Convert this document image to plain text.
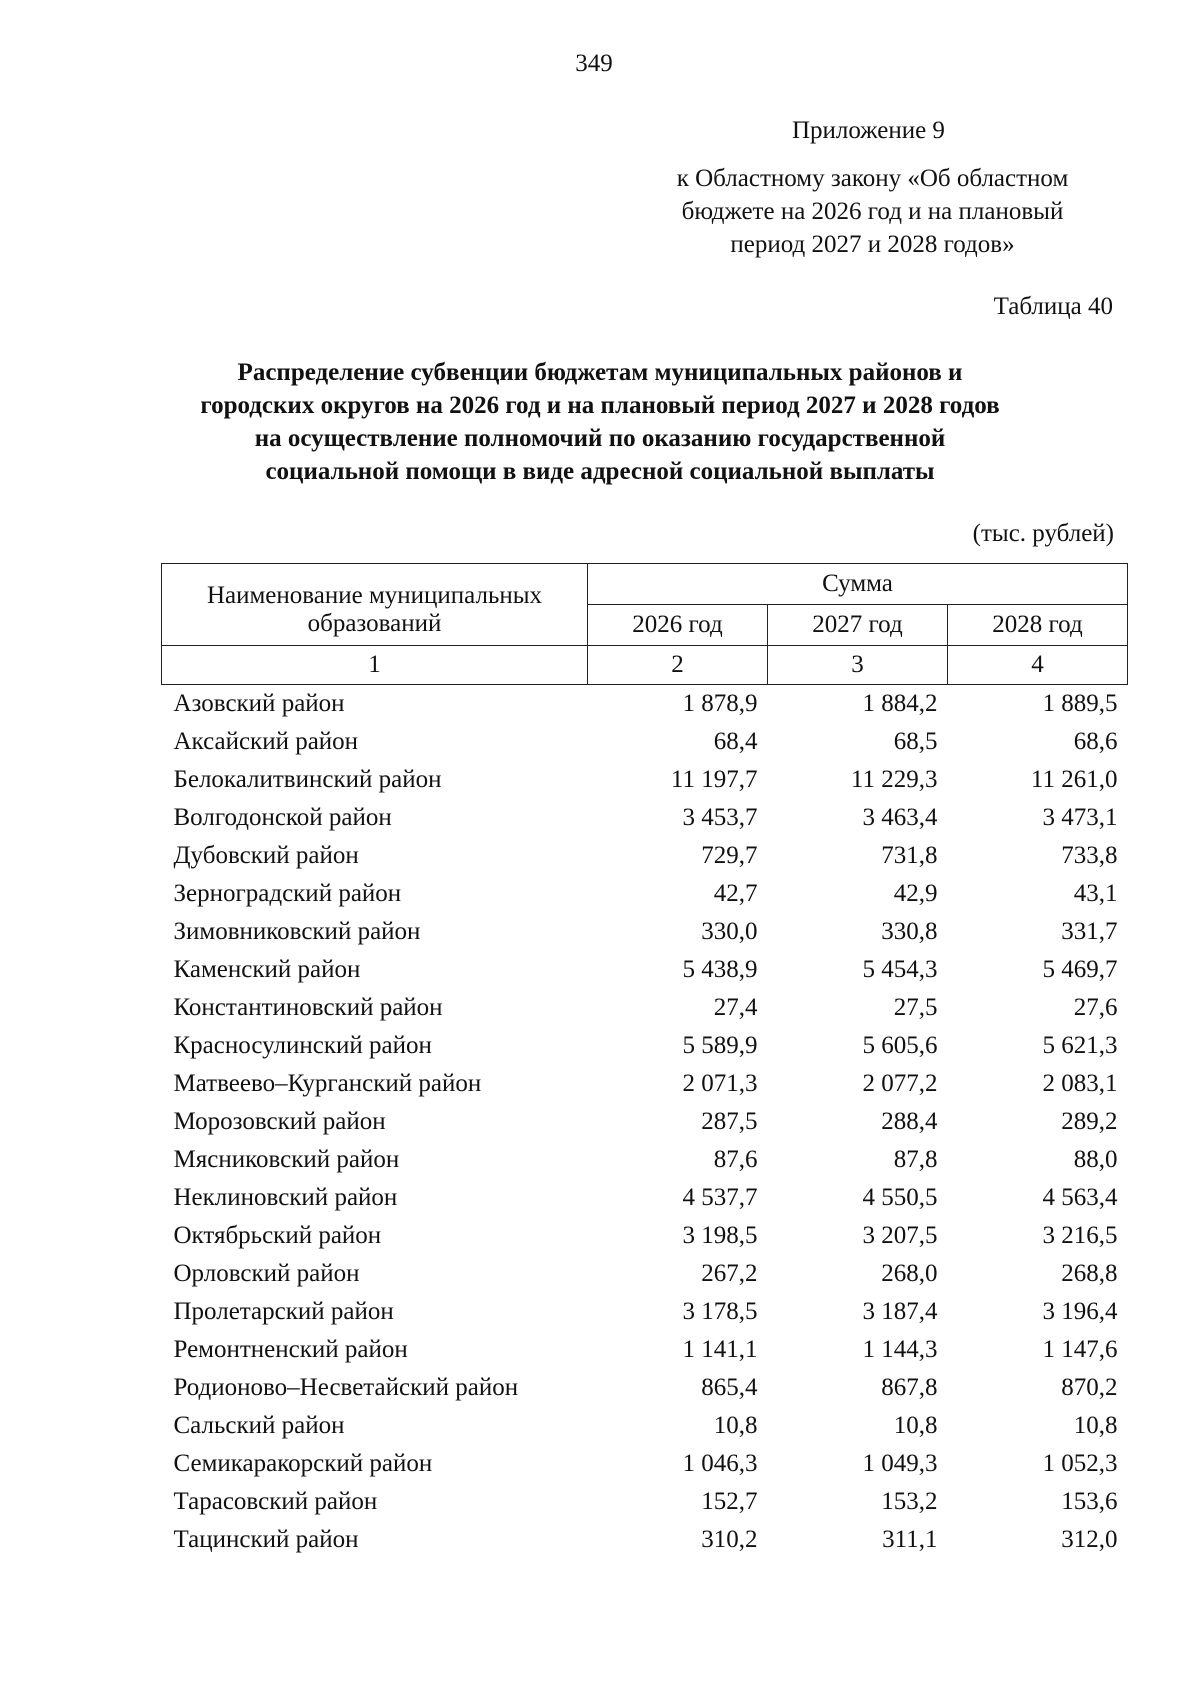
349
Приложение 9
к Областному закону «Об областном
бюджете на 2026 год и на плановый
период 2027 и 2028 годов»
Таблица 40
Распределение субвенции бюджетам муниципальных районов и
городских округов на 2026 год и на плановый период 2027 и 2028 годов
на осуществление полномочий по оказанию государственной
социальной помощи в виде адресной социальной выплаты
(тыс. рублей)
Наименование муниципальных образований	Сумма		
	2026 год	2027 год	2028 год
1	2	3	4
Азовский район	1 878,9	1 884,2	1 889,5
Аксайский район	68,4	68,5	68,6
Белокалитвинский район	11 197,7	11 229,3	11 261,0
Волгодонской район	3 453,7	3 463,4	3 473,1
Дубовский район	729,7	731,8	733,8
Зерноградский район	42,7	42,9	43,1
Зимовниковский район	330,0	330,8	331,7
Каменский район	5 438,9	5 454,3	5 469,7
Константиновский район	27,4	27,5	27,6
Красносулинский район	5 589,9	5 605,6	5 621,3
Матвеево–Курганский район	2 071,3	2 077,2	2 083,1
Морозовский район	287,5	288,4	289,2
Мясниковский район	87,6	87,8	88,0
Неклиновский район	4 537,7	4 550,5	4 563,4
Октябрьский район	3 198,5	3 207,5	3 216,5
Орловский район	267,2	268,0	268,8
Пролетарский район	3 178,5	3 187,4	3 196,4
Ремонтненский район	1 141,1	1 144,3	1 147,6
Родионово–Несветайский район	865,4	867,8	870,2
Сальский район	10,8	10,8	10,8
Семикаракорский район	1 046,3	1 049,3	1 052,3
Тарасовский район	152,7	153,2	153,6
Тацинский район	310,2	311,1	312,0
